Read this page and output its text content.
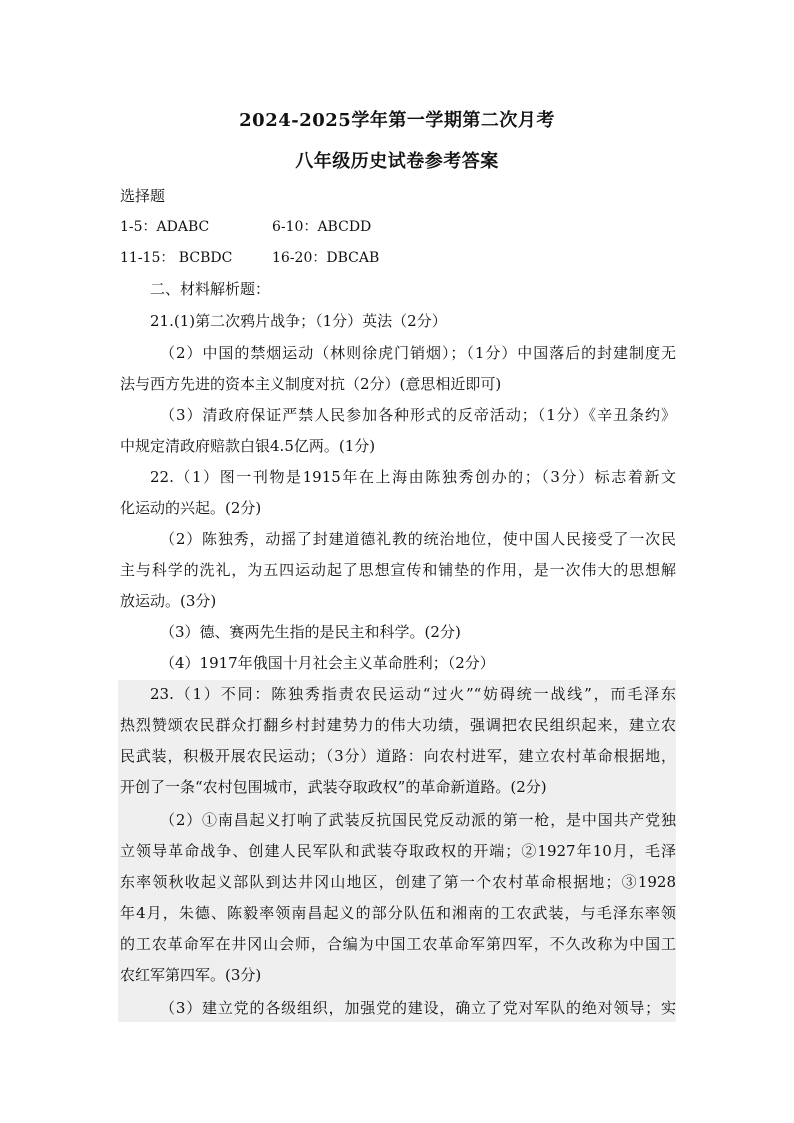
2024-2025学年第一学期第二次月考
八年级历史试卷参考答案
选择题
1-5：ADABC	6-10：ABCDD
11-15： BCBDC	16-20：DBCAB
二、材料解析题：
21.(1)第二次鸦片战争；（1分）英法（2分）
（2）中国的禁烟运动（林则徐虎门销烟）；（1分）中国落后的封建制度无
法与西方先进的资本主义制度对抗（2分）(意思相近即可)
（3）清政府保证严禁人民参加各种形式的反帝活动；（1分）《辛丑条约》
中规定清政府赔款白银4.5亿两。(1分)
22.（1）图一刊物是1915年在上海由陈独秀创办的；（3分）标志着新文
化运动的兴起。(2分)
（2）陈独秀，动摇了封建道德礼教的统治地位，使中国人民接受了一次民
主与科学的洗礼，为五四运动起了思想宣传和铺垫的作用，是一次伟大的思想解
放运动。(3分)
（3）德、赛两先生指的是民主和科学。(2分)
（4）1917年俄国十月社会主义革命胜利；（2分）
23.（1）不同：陈独秀指责农民运动“过火”“妨碍统一战线”，而毛泽东
热烈赞颂农民群众打翻乡村封建势力的伟大功绩，强调把农民组织起来，建立农
民武装，积极开展农民运动；（3分）道路：向农村进军，建立农村革命根据地，
开创了一条“农村包围城市，武装夺取政权”的革命新道路。(2分)
（2）①南昌起义打响了武装反抗国民党反动派的第一枪，是中国共产党独
立领导革命战争、创建人民军队和武装夺取政权的开端；②1927年10月，毛泽
东率领秋收起义部队到达井冈山地区，创建了第一个农村革命根据地；③1928
年4月，朱德、陈毅率领南昌起义的部分队伍和湘南的工农武装，与毛泽东率领
的工农革命军在井冈山会师，合编为中国工农革命军第四军，不久改称为中国工
农红军第四军。(3分)
（3）建立党的各级组织，加强党的建设，确立了党对军队的绝对领导；实
